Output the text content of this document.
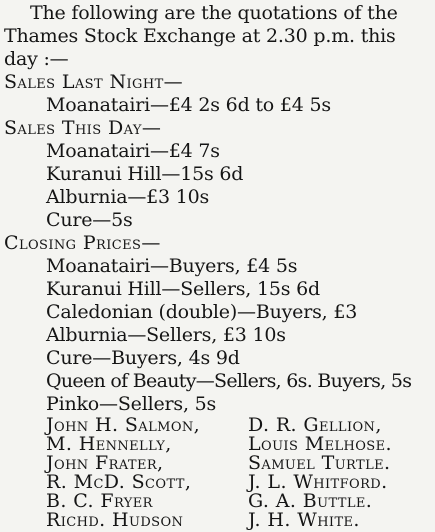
The following are the quotations of the
Thames Stock Exchange at 2.30 p.m. this
day :—
Sales Last Night—
Moanatairi—£4 2s 6d to £4 5s
Sales This Day—
Moanatairi—£4 7s
Kuranui Hill—15s 6d
Alburnia—£3 10s
Cure—5s
Closing Prices—
Moanatairi—Buyers, £4 5s
Kuranui Hill—Sellers, 15s 6d
Caledonian (double)—Buyers, £3
Alburnia—Sellers, £3 10s
Cure—Buyers, 4s 9d
Queen of Beauty—Sellers, 6s. Buyers, 5s
Pinko—Sellers, 5s
John H. Salmon,	D. R. Gellion,
M. Hennelly,	Louis Melhose.
John Frater,	Samuel Turtle.
R. McD. Scott,	J. L. Whitford.
B. C. Fryer	G. A. Buttle.
Richd. Hudson	J. H. White.
